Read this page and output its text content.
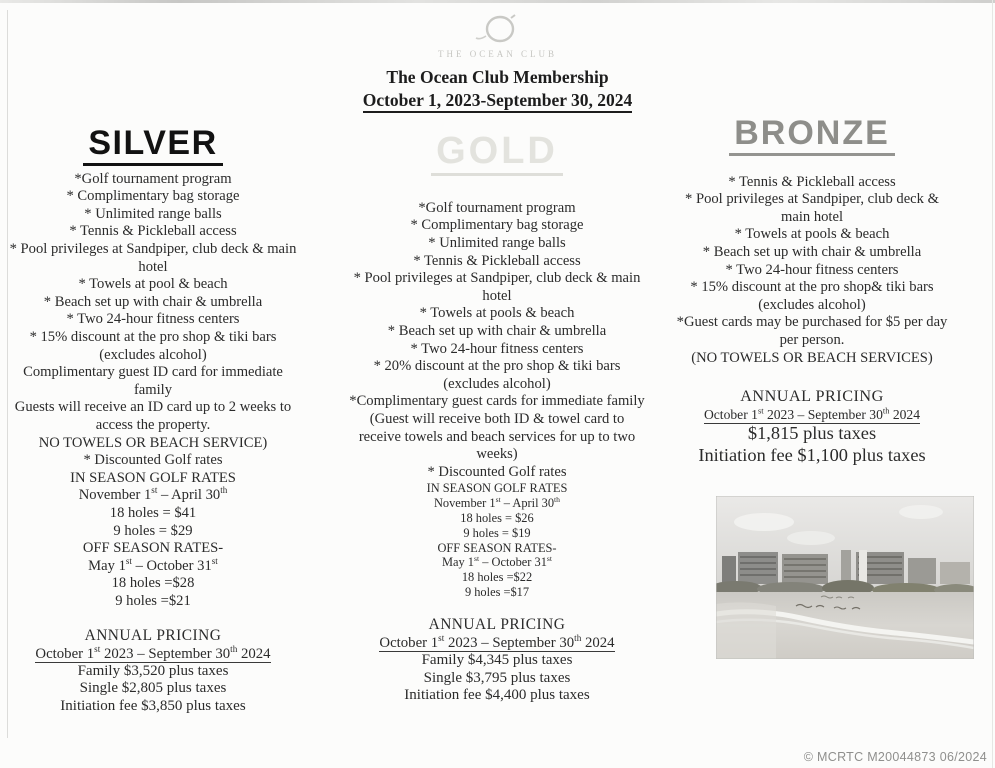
THE OCEAN CLUB

The Ocean Club Membership

October 1, 2023-September 30, 2024

SILVER

*Golf tournament program

* Complimentary bag storage

* Unlimited range balls

* Tennis & Pickleball access

* Pool privileges at Sandpiper, club deck & main hotel

* Towels at pool & beach

* Beach set up with chair & umbrella

* Two 24-hour fitness centers

* 15% discount at the pro shop & tiki bars (excludes alcohol)

Complimentary guest ID card for immediate family

Guests will receive an ID card up to 2 weeks to access the property.

NO TOWELS OR BEACH SERVICE)

* Discounted Golf rates

IN SEASON GOLF RATES

November 1st – April 30th

18 holes = $41

9 holes = $29

OFF SEASON RATES-

May 1st – October 31st

18 holes =$28

9 holes =$21

ANNUAL PRICING

October 1st 2023 – September 30th 2024

Family $3,520 plus taxes

Single $2,805 plus taxes

Initiation fee $3,850 plus taxes

GOLD

*Golf tournament program

* Complimentary bag storage

* Unlimited range balls

* Tennis & Pickleball access

* Pool privileges at Sandpiper, club deck & main hotel

* Towels at pools & beach

* Beach set up with chair & umbrella

* Two 24-hour fitness centers

* 20% discount at the pro shop & tiki bars (excludes alcohol)

*Complimentary guest cards for immediate family

(Guest will receive both ID & towel card to receive towels and beach services for up to two weeks)

* Discounted Golf rates

IN SEASON GOLF RATES

November 1st – April 30th

18 holes = $26

9 holes = $19

OFF SEASON RATES-

May 1st – October 31st

18 holes =$22

9 holes =$17

ANNUAL PRICING

October 1st 2023 – September 30th 2024

Family $4,345 plus taxes

Single $3,795 plus taxes

Initiation fee $4,400 plus taxes

BRONZE

* Tennis & Pickleball access

* Pool privileges at Sandpiper, club deck & main hotel

* Towels at pools & beach

* Beach set up with chair & umbrella

* Two 24-hour fitness centers

* 15% discount at the pro shop& tiki bars (excludes alcohol)

*Guest cards may be purchased for $5 per day per person.

(NO TOWELS OR BEACH SERVICES)

ANNUAL PRICING

October 1st 2023 – September 30th 2024

$1,815 plus taxes

Initiation fee $1,100 plus taxes

© MCRTC M20044873 06/2024
